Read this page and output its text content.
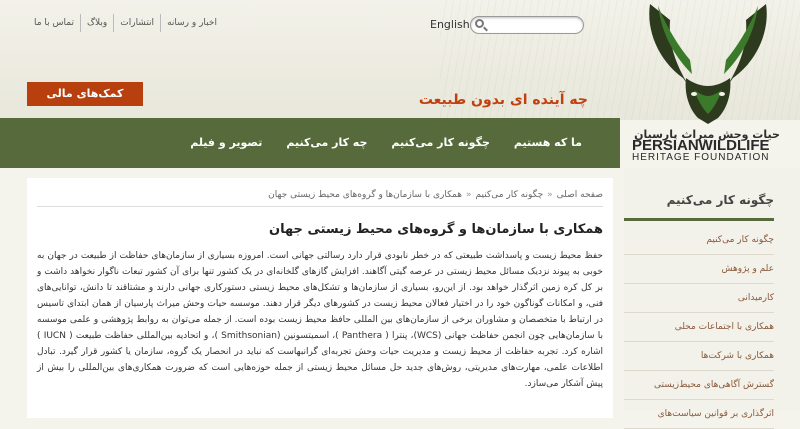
اخبار و رسانه
انتشارات
وبلاگ
تماس با ما	English
حیات وحش میراث پارسیان
PERSIANWILDLIFE
HERITAGE FOUNDATION
کمک‌های مالی	چه آینده ای بدون طبیعت
ما که هستیم
چگونه کار می‌کنیم
چه کار می‌کنیم
تصویر و فیلم
صفحه اصلی«چگونه کار می‌کنیم«همکاری با سازمان‌ها و گروه‌های محیط زیستی جهان
همکاری با سازمان‌ها و گروه‌های محیط زیستی جهان
حفظ محیط زیست و پاسداشت طبیعتی که در خطر نابودی قرار دارد رسالتی جهانی است. امروزه بسیاری از سازمان‌های حفاظت از طبیعت در جهان به خوبی به پیوند نزدیک مسائل محیط زیستی در عرصه گیتی آگاهند. افزایش گازهای گلخانه‌ای در یک کشور تنها برای آن کشور تبعات ناگوار نخواهد داشت و بر کل کره زمین اثرگذار خواهد بود. از این‌رو، بسیاری از سازمان‌ها و تشکل‌های محیط زیستی دستورکاری جهانی دارند و مشتاقند تا دانش، توانایی‌های فنی، و امکانات گوناگون خود را در اختیار فعالان محیط زیست در کشورهای دیگر قرار دهند. موسسه حیات وحش میراث پارسیان از همان ابتدای تاسیس در ارتباط با متخصصان و مشاوران برخی از سازمان‌های بین المللی حافظ محیط زیست بوده است. از جمله می‌توان به روابط پژوهشی و علمی موسسه با سازمان‌هایی چون انجمن حفاظت جهانی (WCS)، پنترا ( Panthera )، اسمیتسونین (Smithsonian )، و اتحادیه بین‌المللی حفاظت طبیعت ( IUCN ) اشاره کرد. تجربه حفاظت از محیط زیست و مدیریت حیات وحش تجربه‌ای گرانبهاست که نباید در انحصار یک گروه، سازمان یا کشور قرار گیرد. تبادل اطلاعات علمی، مهارت‌های مدیریتی، روش‌های جدید حل مسائل محیط زیستی از جمله حوزه‌هایی است که ضرورت همکاری‌های بین‌المللی را بیش از پیش آشکار می‌سازد.
چگونه کار می‌کنیم
چگونه کار می‌کنیم
علم و پژوهش
کارمیدانی
همکاری با اجتماعات محلی
همکاری با شرکت‌ها
گسترش آگاهی‌های محیط‌زیستی
اثرگذاری بر قوانین سیاست‌های
